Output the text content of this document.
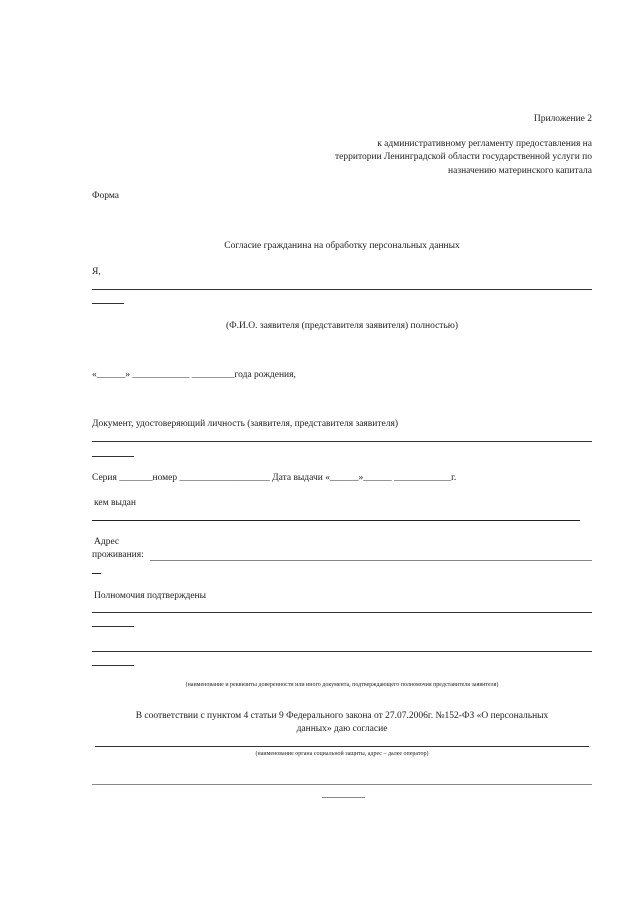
Приложение 2
к административному регламенту предоставления на
территории Ленинградской области государственной услуги по
назначению материнского капитала
Форма
Согласие гражданина на обработку персональных данных
Я,
(Ф.И.О. заявителя (представителя заявителя) полностью)
«______» ____________ _________года рождения,
Документ, удостоверяющий личность (заявителя, представителя заявителя)
Серия _______номер ___________________ Дата выдачи «______»______ ____________г.
кем выдан
Адрес
проживания:
Полномочия подтверждены
(наименование и реквизиты доверенности или иного документа, подтверждающего полномочия представителя заявителя)
В соответствии с пунктом 4 статьи 9 Федерального закона от 27.07.2006г. №152-ФЗ «О персональных
данных» даю согласие
(наименование органа социальной защиты, адрес – далее оператор)
